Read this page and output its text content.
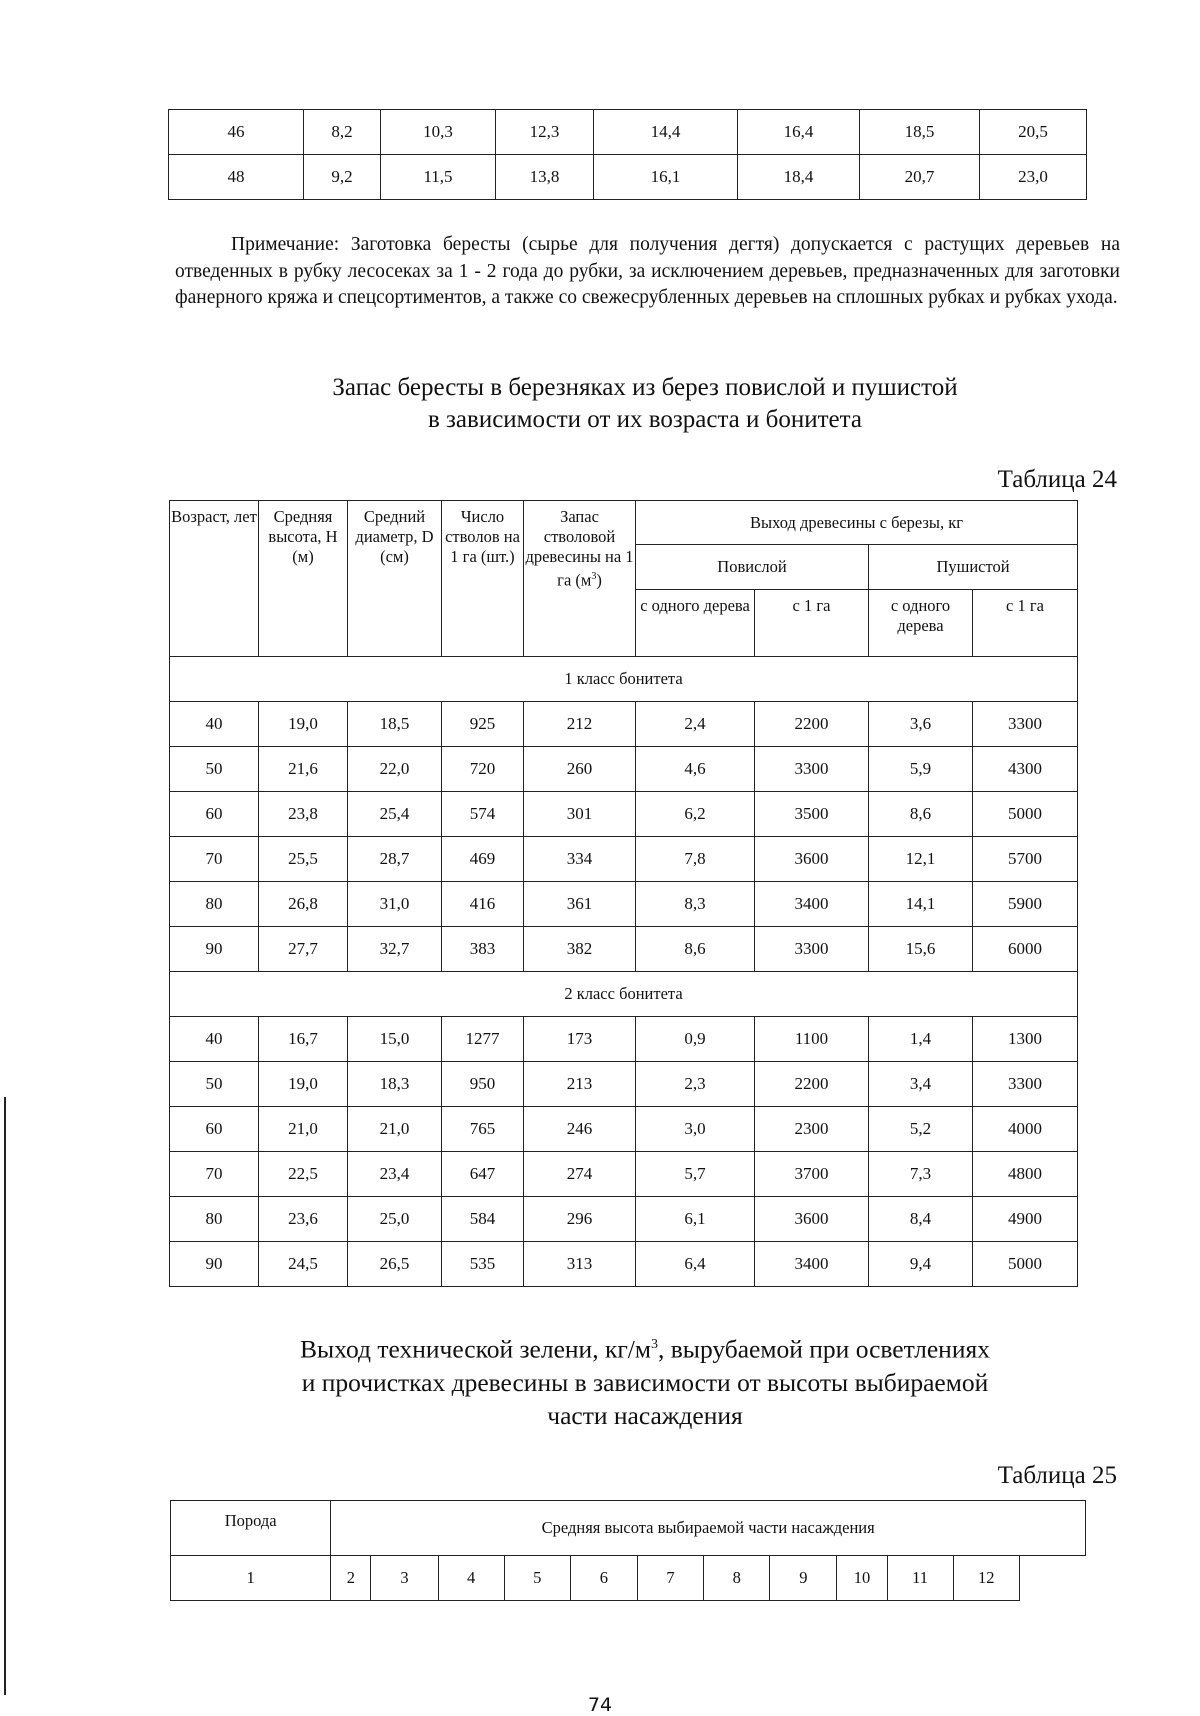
46	8,2	10,3	12,3	14,4	16,4	18,5	20,5
48	9,2	11,5	13,8	16,1	18,4	20,7	23,0
Примечание: Заготовка бересты (сырье для получения дегтя) допускается с растущих деревьев на отведенных в рубку лесосеках за 1 - 2 года до рубки, за исключением деревьев, предназначенных для заготовки фанерного кряжа и спецсортиментов, а также со свежесрубленных деревьев на сплошных рубках и рубках ухода.
Запас бересты в березняках из берез повислой и пушистой
в зависимости от их возраста и бонитета
Таблица 24
Возраст, лет	Средняя высота, Н (м)	Средний диаметр, D (см)	Число стволов на 1 га (шт.)	Запас стволовой древесины на 1 га $(м^3)$	Выход древесины с березы, кг			
					Повислой		Пушистой	
					с одного дерева	с 1 га	с одного дерева	с 1 га
1 класс бонитета								
40	19,0	18,5	925	212	2,4	2200	3,6	3300
50	21,6	22,0	720	260	4,6	3300	5,9	4300
60	23,8	25,4	574	301	6,2	3500	8,6	5000
70	25,5	28,7	469	334	7,8	3600	12,1	5700
80	26,8	31,0	416	361	8,3	3400	14,1	5900
90	27,7	32,7	383	382	8,6	3300	15,6	6000
2 класс бонитета								
40	16,7	15,0	1277	173	0,9	1100	1,4	1300
50	19,0	18,3	950	213	2,3	2200	3,4	3300
60	21,0	21,0	765	246	3,0	2300	5,2	4000
70	22,5	23,4	647	274	5,7	3700	7,3	4800
80	23,6	25,0	584	296	6,1	3600	8,4	4900
90	24,5	26,5	535	313	6,4	3400	9,4	5000
Выход технической зелени, $кг/м^3$, вырубаемой при осветлениях
и прочистках древесины в зависимости от высоты выбираемой
части насаждения
Таблица 25
Порода	Средняя высота выбираемой части насаждения										
1	2	3	4	5	6	7	8	9	10	11	12
74
